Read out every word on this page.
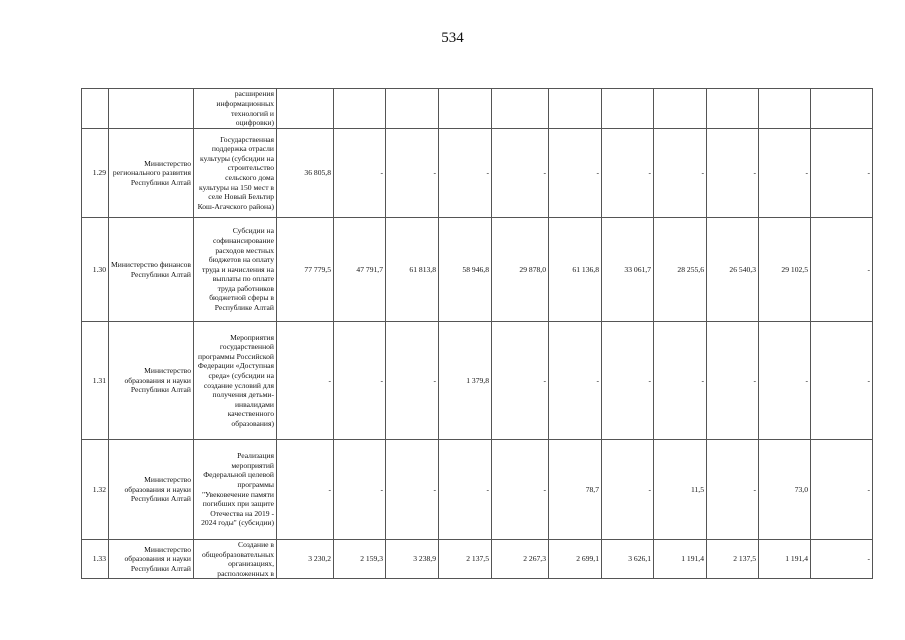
534
		расширения информационных технологий и оцифровки)											
1.29	Министерство регионального развития Республики Алтай	Государственная поддержка отрасли культуры (субсидии на строительство сельского дома культуры на 150 мест в селе Новый Бельтир Кош-Агачского района)	36 805,8	-	-	-	-	-	-	-	-	-	-
1.30	Министерство финансов Республики Алтай	Субсидии на софинансирование расходов местных бюджетов на оплату труда и начисления на выплаты по оплате труда работников бюджетной сферы в Республике Алтай	77 779,5	47 791,7	61 813,8	58 946,8	29 878,0	61 136,8	33 061,7	28 255,6	26 540,3	29 102,5	-
1.31	Министерство образования и науки Республики Алтай	Мероприятия государственной программы Российской Федерации «Доступная среда» (субсидии на создание условий для получения детьми-инвалидами качественного образования)	-	-	-	1 379,8	-	-	-	-	-	-	-
1.32	Министерство образования и науки Республики Алтай	Реализация мероприятий Федеральной целевой программы "Увековечение памяти погибших при защите Отечества на 2019 - 2024 годы" (субсидии)	-	-	-	-	-	78,7	-	11,5	-	73,0	-
1.33	Министерство образования и науки Республики Алтай	Создание в общеобразовательных организациях, расположенных в	3 230,2	2 159,3	3 238,9	2 137,5	2 267,3	2 699,1	3 626,1	1 191,4	2 137,5	1 191,4	-
